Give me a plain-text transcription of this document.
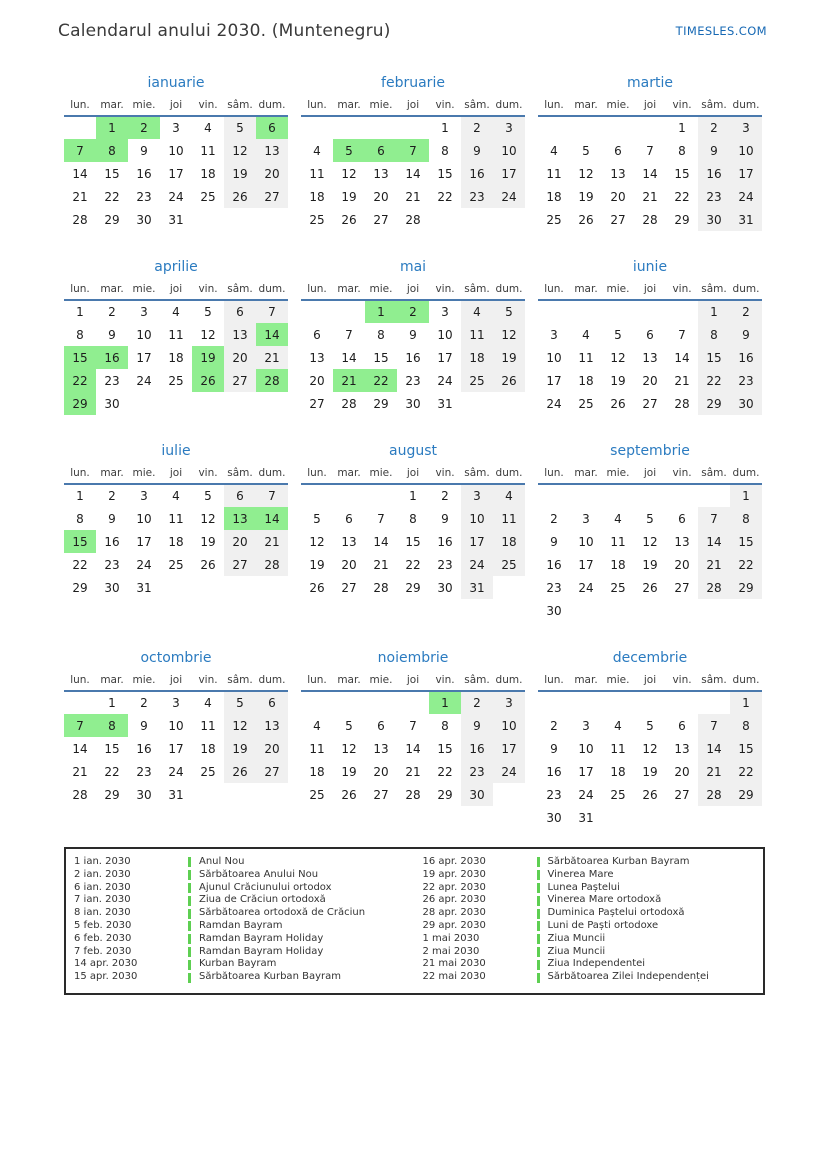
Calendarul anului 2030. (Muntenegru)	TIMESLES.COM
ianuarie
lun.	mar.	mie.	joi	vin.	sâm.	dum.
	1	2	3	4	5	6
7	8	9	10	11	12	13
14	15	16	17	18	19	20
21	22	23	24	25	26	27
28	29	30	31			
februarie
lun.	mar.	mie.	joi	vin.	sâm.	dum.
				1	2	3
4	5	6	7	8	9	10
11	12	13	14	15	16	17
18	19	20	21	22	23	24
25	26	27	28			
martie
lun.	mar.	mie.	joi	vin.	sâm.	dum.
				1	2	3
4	5	6	7	8	9	10
11	12	13	14	15	16	17
18	19	20	21	22	23	24
25	26	27	28	29	30	31
aprilie
lun.	mar.	mie.	joi	vin.	sâm.	dum.
1	2	3	4	5	6	7
8	9	10	11	12	13	14
15	16	17	18	19	20	21
22	23	24	25	26	27	28
29	30					
mai
lun.	mar.	mie.	joi	vin.	sâm.	dum.
		1	2	3	4	5
6	7	8	9	10	11	12
13	14	15	16	17	18	19
20	21	22	23	24	25	26
27	28	29	30	31		
iunie
lun.	mar.	mie.	joi	vin.	sâm.	dum.
					1	2
3	4	5	6	7	8	9
10	11	12	13	14	15	16
17	18	19	20	21	22	23
24	25	26	27	28	29	30
iulie
lun.	mar.	mie.	joi	vin.	sâm.	dum.
1	2	3	4	5	6	7
8	9	10	11	12	13	14
15	16	17	18	19	20	21
22	23	24	25	26	27	28
29	30	31				
august
lun.	mar.	mie.	joi	vin.	sâm.	dum.
			1	2	3	4
5	6	7	8	9	10	11
12	13	14	15	16	17	18
19	20	21	22	23	24	25
26	27	28	29	30	31	
septembrie
lun.	mar.	mie.	joi	vin.	sâm.	dum.
						1
2	3	4	5	6	7	8
9	10	11	12	13	14	15
16	17	18	19	20	21	22
23	24	25	26	27	28	29
30						
octombrie
lun.	mar.	mie.	joi	vin.	sâm.	dum.
	1	2	3	4	5	6
7	8	9	10	11	12	13
14	15	16	17	18	19	20
21	22	23	24	25	26	27
28	29	30	31			
noiembrie
lun.	mar.	mie.	joi	vin.	sâm.	dum.
				1	2	3
4	5	6	7	8	9	10
11	12	13	14	15	16	17
18	19	20	21	22	23	24
25	26	27	28	29	30	
decembrie
lun.	mar.	mie.	joi	vin.	sâm.	dum.
						1
2	3	4	5	6	7	8
9	10	11	12	13	14	15
16	17	18	19	20	21	22
23	24	25	26	27	28	29
30	31					
1 ian. 2030	Anul Nou
2 ian. 2030	Sărbătoarea Anului Nou
6 ian. 2030	Ajunul Crăciunului ortodox
7 ian. 2030	Ziua de Crăciun ortodoxă
8 ian. 2030	Sărbătoarea ortodoxă de Crăciun
5 feb. 2030	Ramdan Bayram
6 feb. 2030	Ramdan Bayram Holiday
7 feb. 2030	Ramdan Bayram Holiday
14 apr. 2030	Kurban Bayram
15 apr. 2030	Sărbătoarea Kurban Bayram
16 apr. 2030	Sărbătoarea Kurban Bayram
19 apr. 2030	Vinerea Mare
22 apr. 2030	Lunea Paștelui
26 apr. 2030	Vinerea Mare ortodoxă
28 apr. 2030	Duminica Paștelui ortodoxă
29 apr. 2030	Luni de Paști ortodoxe
1 mai 2030	Ziua Muncii
2 mai 2030	Ziua Muncii
21 mai 2030	Ziua Independentei
22 mai 2030	Sărbătoarea Zilei Independenței
